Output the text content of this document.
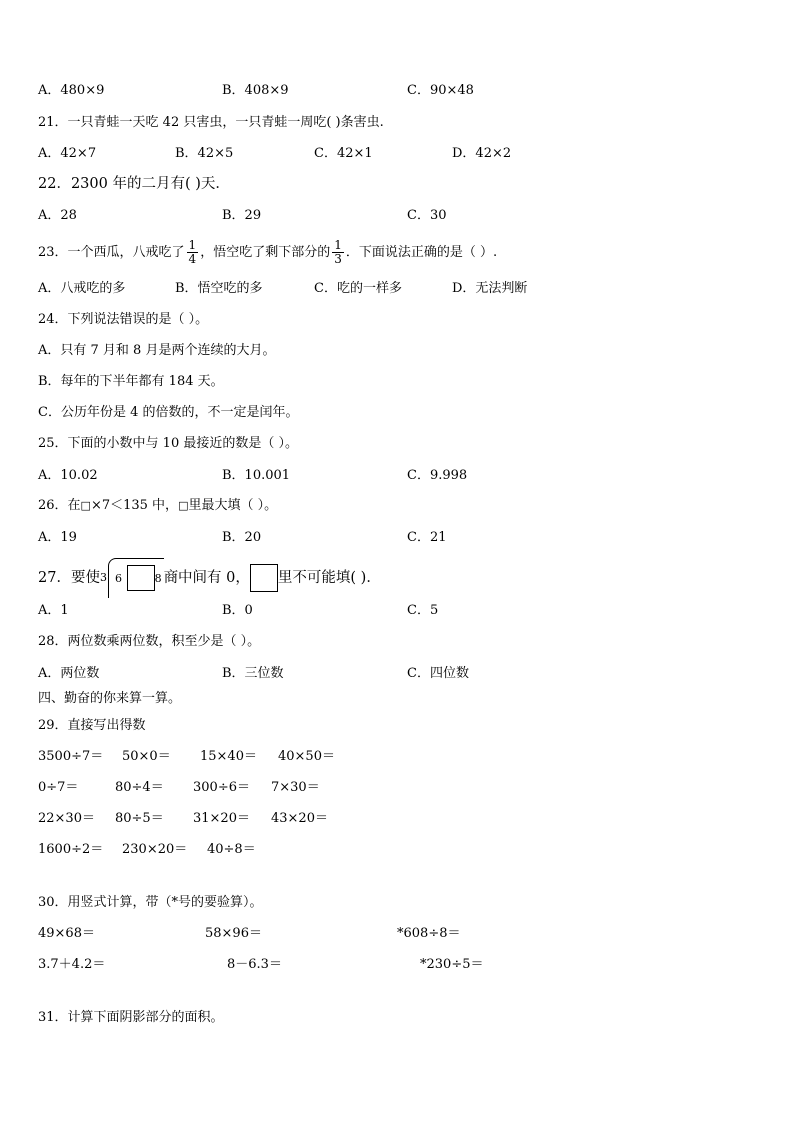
A．480×9	B．408×9	C．90×48
21．一只青蛙一天吃 42 只害虫，一只青蛙一周吃( )条害虫.
A．42×7	B．42×5	C．42×1	D．42×2
22．2300 年的二月有( )天．
A．28	B．29	C．30
23．一个西瓜，八戒吃了 $\frac{1}{4}$ ，悟空吃了剩下部分的 $\frac{1}{3}$ ．下面说法正确的是（ ）.
A．八戒吃的多	B．悟空吃的多	C．吃的一样多	D．无法判断
24．下列说法错误的是（ ）。
A．只有 7 月和 8 月是两个连续的大月。
B．每年的下半年都有 184 天。
C．公历年份是 4 的倍数的，不一定是闰年。
25．下面的小数中与 10 最接近的数是（ ）。
A．10.02	B．10.001	C．9.998
26．在□×7＜135 中，□里最大填（ ）。
A．19	B．20	C．21
27．要使 3 6	8 商中间有 0， 里不可能填( )．
A．1	B．0	C．5
28．两位数乘两位数，积至少是（ ）。
A．两位数	B．三位数	C．四位数
四、勤奋的你来算一算。
29．直接写出得数
3500÷7＝ 50×0＝ 15×40＝ 40×50＝
0÷7＝	80÷4＝ 300÷6＝ 7×30＝
22×30＝ 80÷5＝ 31×20＝ 43×20＝
1600÷2＝ 230×20＝ 40÷8＝
30．用竖式计算，带（*号的要验算）。
49×68＝	58×96＝	*608÷8＝
3.7＋4.2＝	8－6.3＝	*230÷5＝
31．计算下面阴影部分的面积。
